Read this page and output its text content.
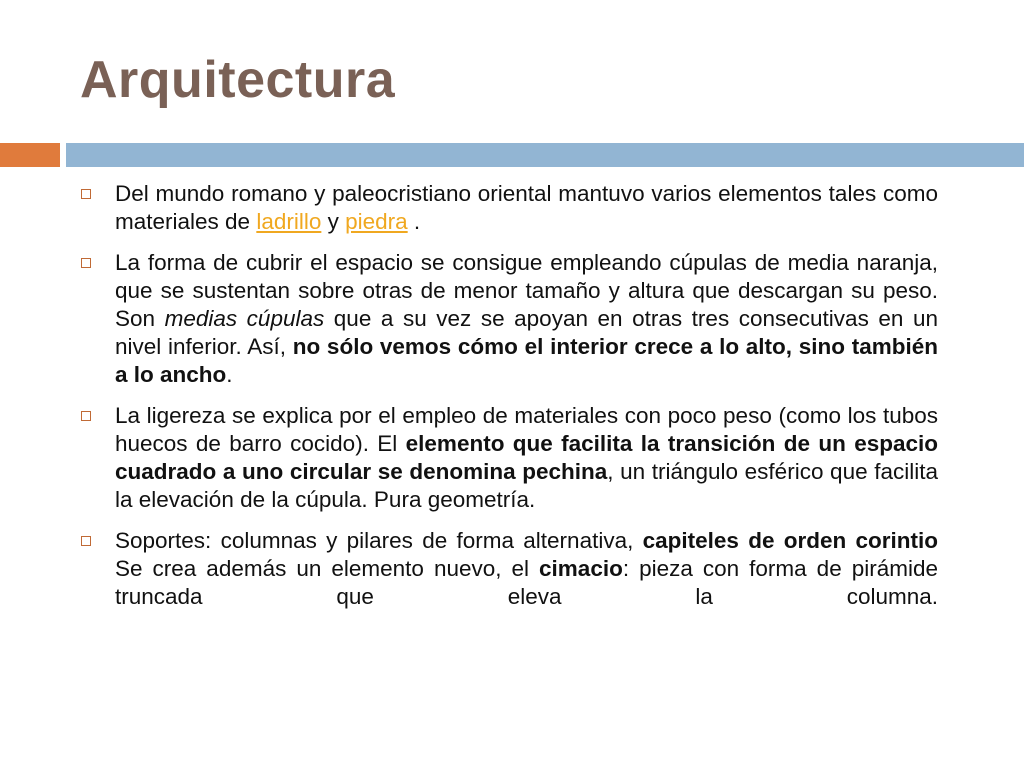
Arquitectura
Del mundo romano y paleocristiano oriental mantuvo varios elementos tales como materiales de ladrillo y piedra .
La forma de cubrir el espacio se consigue empleando cúpulas de media naranja, que se sustentan sobre otras de menor tamaño y altura que descargan su peso. Son medias cúpulas que a su vez se apoyan en otras tres consecutivas en un nivel inferior. Así, no sólo vemos cómo el interior crece a lo alto, sino también a lo ancho.
La ligereza se explica por el empleo de materiales con poco peso (como los tubos huecos de barro cocido). El elemento que facilita la transición de un espacio cuadrado a uno circular se denomina pechina, un triángulo esférico que facilita la elevación de la cúpula. Pura geometría.
Soportes: columnas y pilares de forma alternativa, capiteles de orden corintio Se crea además un elemento nuevo, el cimacio: pieza con forma de pirámide truncada que eleva la columna.
